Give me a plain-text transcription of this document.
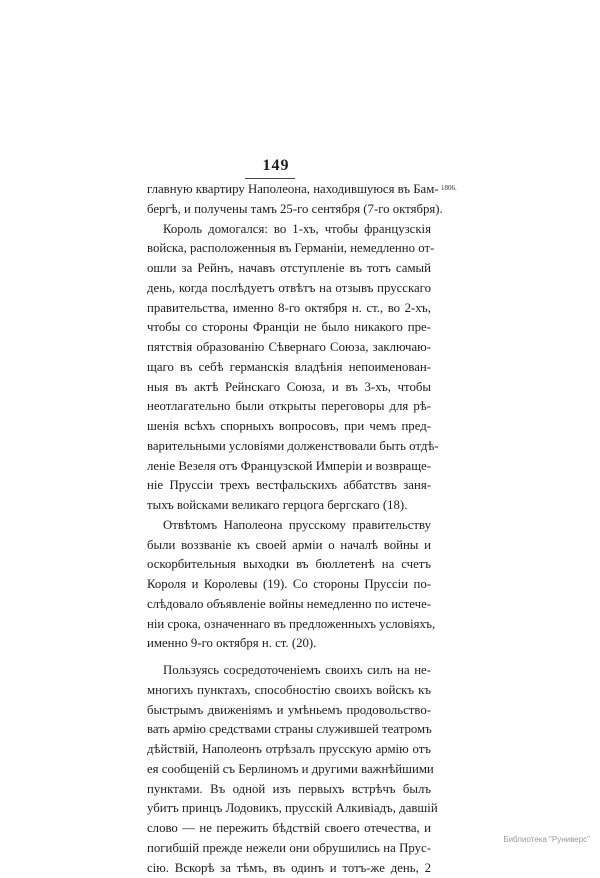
149
1806.
главную квартиру Наполеона, находившуюся въ Бам-
бергѣ, и получены тамъ 25-го сентября (7-го октября).
Король домогался: во 1-хъ, чтобы французскія
войска, расположенныя въ Германіи, немедленно от-
ошли за Рейнъ, начавъ отступленіе въ тотъ самый
день, когда послѣдуетъ отвѣтъ на отзывъ прусскаго
правительства, именно 8-го октября н. ст., во 2-хъ,
чтобы со стороны Франціи не было никакого пре-
пятствія образованію Сѣвернаго Союза, заключаю-
щаго въ себѣ германскія владѣнія непоименован-
ныя въ актѣ Рейнскаго Союза, и въ 3-хъ, чтобы
неотлагательно были открыты переговоры для рѣ-
шенія всѣхъ спорныхъ вопросовъ, при чемъ пред-
варительными условіями долженствовали быть отдѣ-
леніе Везеля отъ Французской Имперіи и возвраще-
ніе Пруссіи трехъ вестфальскихъ аббатствъ заня-
тыхъ войсками великаго герцога бергскаго (18).
Отвѣтомъ Наполеона прусскому правительству
были воззваніе къ своей арміи о началѣ войны и
оскорбительныя выходки въ бюллетенѣ на счетъ
Короля и Королевы (19). Со стороны Пруссіи по-
слѣдовало объявленіе войны немедленно по истече-
ніи срока, означеннаго въ предложенныхъ условіяхъ,
именно 9-го октября н. ст. (20).
Пользуясь сосредоточеніемъ своихъ силъ на не-
многихъ пунктахъ, способностію своихъ войскъ къ
быстрымъ движеніямъ и умѣньемъ продовольство-
вать армію средствами страны служившей театромъ
дѣйствій, Наполеонъ отрѣзалъ прусскую армію отъ
ея сообщеній съ Берлиномъ и другими важнѣйшими
пунктами. Въ одной изъ первыхъ встрѣчъ былъ
убитъ принцъ Лодовикъ, прусскій Алкивіадъ, давшій
слово — не пережить бѣдствій своего отечества, и
погибшій прежде нежели они обрушились на Прус-
сію. Вскорѣ за тѣмъ, въ одинъ и тотъ-же день, 2
Библиотека "Руниверс"
